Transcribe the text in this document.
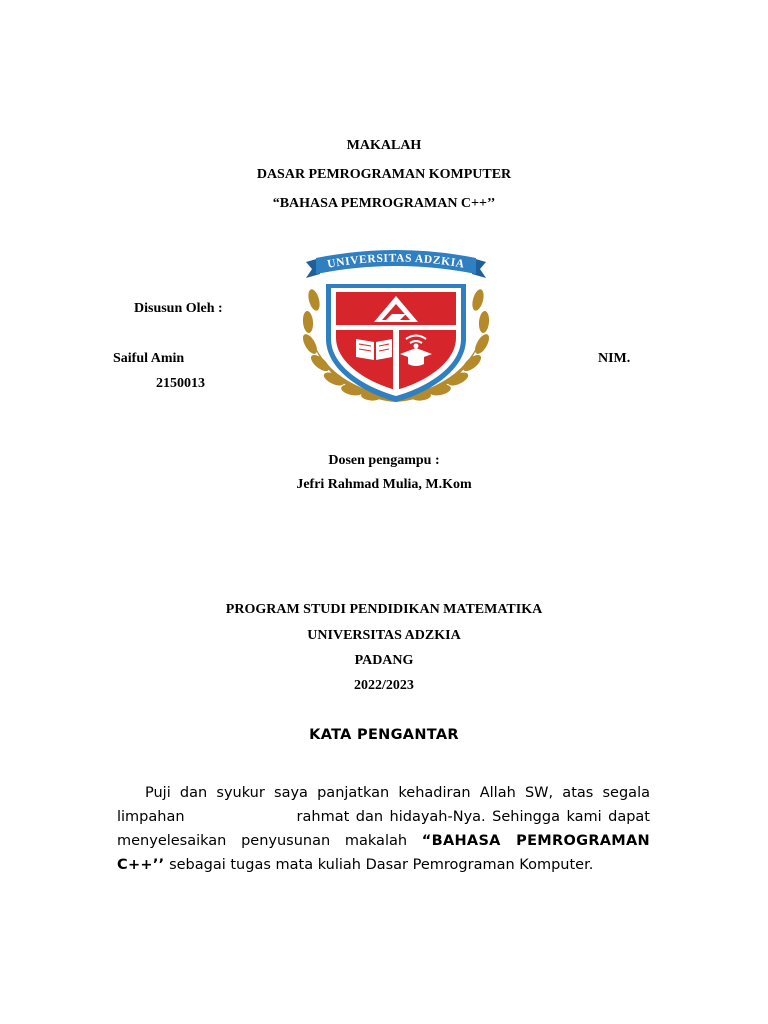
MAKALAH
DASAR PEMROGRAMAN KOMPUTER
“BAHASA PEMROGRAMAN C++’’
UNIVERSITAS ADZKIA
Disusun Oleh :
Saiful Amin	NIM.
2150013
Dosen pengampu :
Jefri Rahmad Mulia, M.Kom
PROGRAM STUDI PENDIDIKAN MATEMATIKA
UNIVERSITAS ADZKIA
PADANG
2022/2023
KATA PENGANTAR

Puji dan syukur saya panjatkan kehadiran Allah SW, atas segala limpahan	rahmat dan hidayah-Nya. Sehingga kami dapat menyelesaikan penyusunan makalah “BAHASA PEMROGRAMAN C++’’ sebagai tugas mata kuliah Dasar Pemrograman Komputer.
